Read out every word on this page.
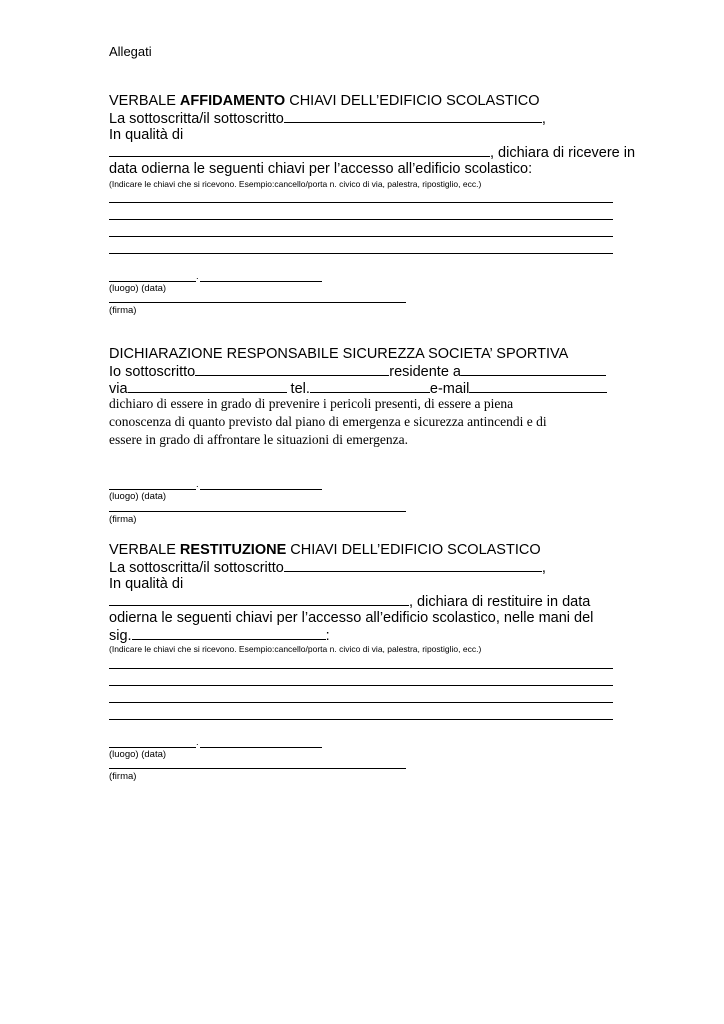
Allegati
VERBALE AFFIDAMENTO CHIAVI DELL’EDIFICIO SCOLASTICO
La sottoscritta/il sottoscritto	,
In qualità di
, dichiara di ricevere in
data odierna le seguenti chiavi per l’accesso all’edificio scolastico:
(Indicare le chiavi che si ricevono. Esempio:cancello/porta n. civico di via, palestra, ripostiglio, ecc.)
.
(luogo) (data)
(firma)
DICHIARAZIONE RESPONSABILE SICUREZZA SOCIETA’ SPORTIVA
Io sottoscritto	residente a
via	tel.	e-mail
dichiaro di essere in grado di prevenire i pericoli presenti, di essere a piena
conoscenza di quanto previsto dal piano di emergenza e sicurezza antincendi e di
essere in grado di affrontare le situazioni di emergenza.
.
(luogo) (data)
(firma)
VERBALE RESTITUZIONE CHIAVI DELL’EDIFICIO SCOLASTICO
La sottoscritta/il sottoscritto	,
In qualità di
, dichiara di restituire in data
odierna le seguenti chiavi per l’accesso all’edificio scolastico, nelle mani del
sig.	:
(Indicare le chiavi che si ricevono. Esempio:cancello/porta n. civico di via, palestra, ripostiglio, ecc.)
.
(luogo) (data)
(firma)
